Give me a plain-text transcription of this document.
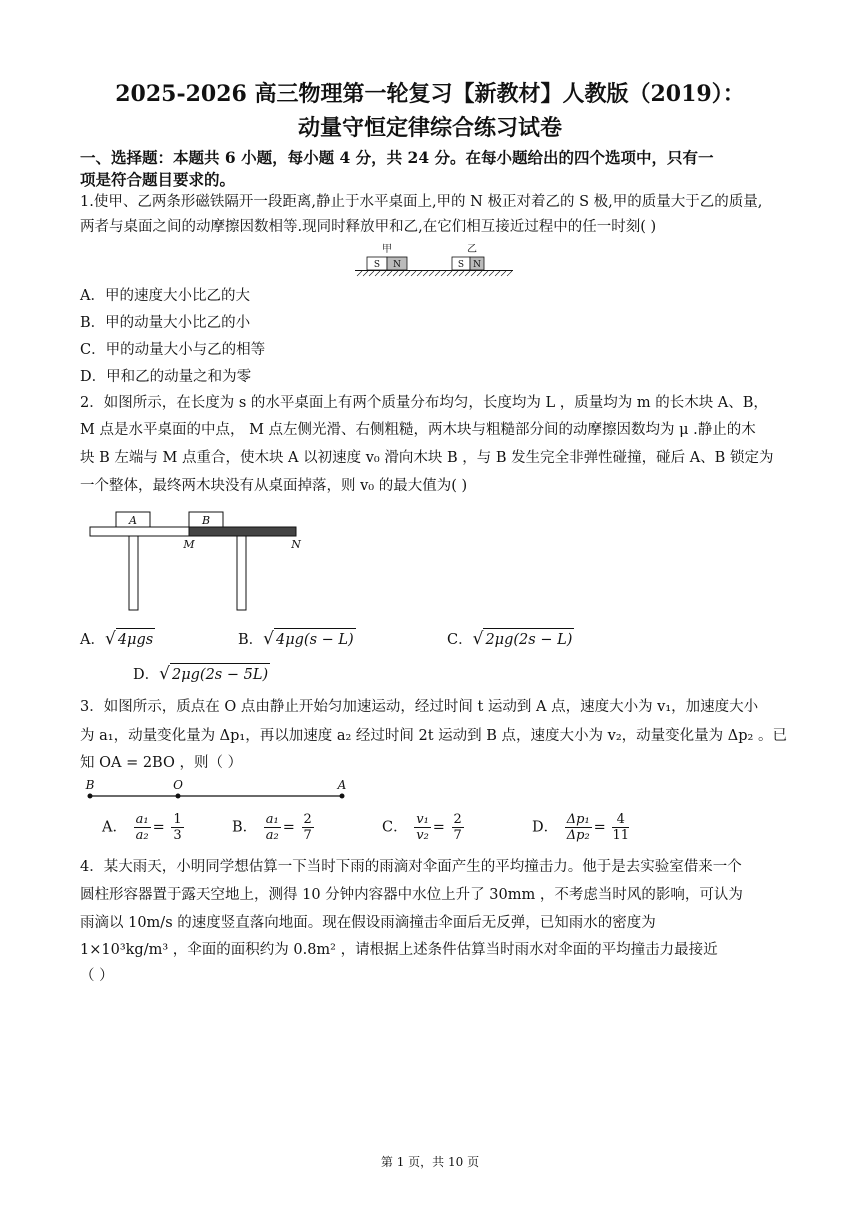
2025-2026 高三物理第一轮复习【新教材】人教版（2019）：
动量守恒定律综合练习试卷
一、选择题：本题共 6 小题，每小题 4 分，共 24 分。在每小题给出的四个选项中，只有一
项是符合题目要求的。
1.使甲、乙两条形磁铁隔开一段距离,静止于水平桌面上,甲的 N 极正对着乙的 S 极,甲的质量大于乙的质量,
两者与桌面之间的动摩擦因数相等.现同时释放甲和乙,在它们相互接近过程中的任一时刻( )
甲	乙
S N	S N
A．甲的速度大小比乙的大
B．甲的动量大小比乙的小
C．甲的动量大小与乙的相等
D．甲和乙的动量之和为零
2．如图所示，在长度为 s 的水平桌面上有两个质量分布均匀，长度均为 L ，质量均为 m 的长木块 A、B，
M 点是水平桌面的中点， M 点左侧光滑、右侧粗糙，两木块与粗糙部分间的动摩擦因数均为 μ .静止的木
块 B 左端与 M 点重合，使木块 A 以初速度 v₀ 滑向木块 B ，与 B 发生完全非弹性碰撞，碰后 A、B 锁定为
一个整体，最终两木块没有从桌面掉落，则 v₀ 的最大值为( )
A	B
M	N
A．√ 4μgs	B．√ 4μg(s − L)	C．√ 2μg(2s − L)
D．√ 2μg(2s − 5L)
3．如图所示，质点在 O 点由静止开始匀加速运动，经过时间 t 运动到 A 点，速度大小为 v₁，加速度大小
为 a₁，动量变化量为 Δp₁，再以加速度 a₂ 经过时间 2t 运动到 B 点，速度大小为 v₂，动量变化量为 Δp₂ 。已
知 OA = 2BO ，则（ ）
B	O	A
A． $\frac{\text{a₁}}{\text{a₂}} = \frac{1}{3}$	B． $\frac{\text{a₁}}{\text{a₂}} = \frac{2}{7}$	C． $\frac{\text{v₁}}{\text{v₂}} = \frac{2}{7}$	D． $\frac{\text{Δp₁}}{\text{Δp₂}} = \frac{4}{11}$
4．某大雨天，小明同学想估算一下当时下雨的雨滴对伞面产生的平均撞击力。他于是去实验室借来一个
圆柱形容器置于露天空地上，测得 10 分钟内容器中水位上升了 30mm ，不考虑当时风的影响，可认为
雨滴以 10m/s 的速度竖直落向地面。现在假设雨滴撞击伞面后无反弹，已知雨水的密度为
1×10³kg/m³ ，伞面的面积约为 0.8m² ，请根据上述条件估算当时雨水对伞面的平均撞击力最接近
（ ）
第 1 页，共 10 页
